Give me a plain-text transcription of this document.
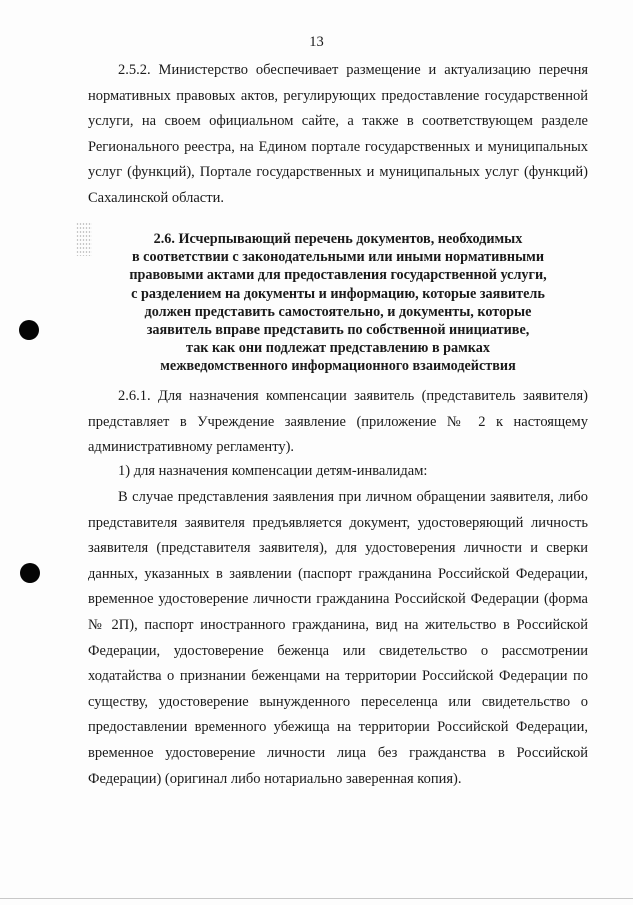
13
2.5.2. Министерство обеспечивает размещение и актуализацию перечня нормативных правовых актов, регулирующих предоставление государственной услуги, на своем официальном сайте, а также в соответствующем разделе Регионального реестра, на Едином портале государственных и муниципальных услуг (функций), Порталe государственных и муниципальных услуг (функций) Сахалинской области.
2.6. Исчерпывающий перечень документов, необходимых
в соответствии с законодательными или иными нормативными
правовыми актами для предоставления государственной услуги,
с разделением на документы и информацию, которые заявитель
должен представить самостоятельно, и документы, которые
заявитель вправе представить по собственной инициативе,
так как они подлежат представлению в рамках
межведомственного информационного взаимодействия
2.6.1. Для назначения компенсации заявитель (представитель заявителя) представляет в Учреждение заявление (приложение № 2 к настоящему административному регламенту).
1) для назначения компенсации детям-инвалидам:
В случае представления заявления при личном обращении заявителя, либо представителя заявителя предъявляется документ, удостоверяющий личность заявителя (представителя заявителя), для удостоверения личности и сверки данных, указанных в заявлении (паспорт гражданина Российской Федерации, временное удостоверение личности гражданина Российской Федерации (форма № 2П), паспорт иностранного гражданина, вид на жительство в Российской Федерации, удостоверение беженца или свидетельство о рассмотрении ходатайства о признании беженцами на территории Российской Федерации по существу, удостоверение вынужденного переселенца или свидетельство о предоставлении временного убежища на территории Российской Федерации, временное удостоверение личности лица без гражданства в Российской Федерации) (оригинал либо нотариально заверенная копия).
